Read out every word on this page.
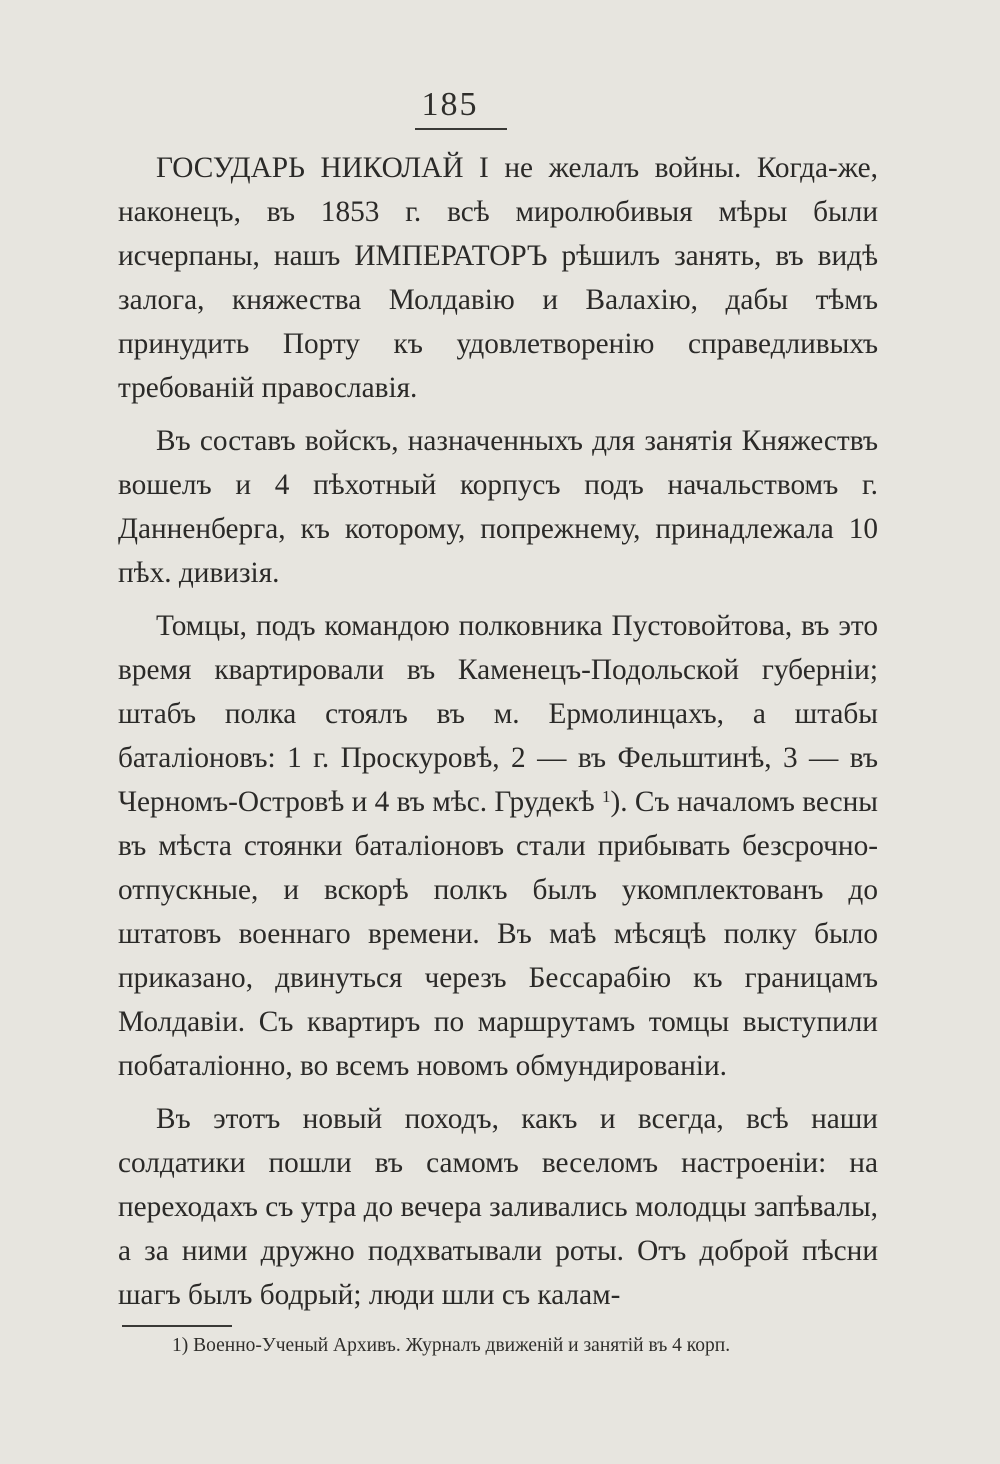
185

ГОСУДАРЬ НИКОЛАЙ I не желалъ войны. Когда-же, наконецъ, въ 1853 г. всѣ миролюбивыя мѣры были исчерпаны, нашъ ИМПЕРАТОРЪ рѣшилъ занять, въ видѣ залога, княжества Молдавію и Валахію, дабы тѣмъ принудить Порту къ удовлетворенію справедливыхъ требованій православія.

Въ составъ войскъ, назначенныхъ для занятія Княжествъ вошелъ и 4 пѣхотный корпусъ подъ начальствомъ г. Данненберга, къ которому, попрежнему, принадлежала 10 пѣх. дивизія.

Томцы, подъ командою полковника Пустовойтова, въ это время квартировали въ Каменецъ-Подольской губерніи; штабъ полка стоялъ въ м. Ермолинцахъ, а штабы баталіоновъ: 1 г. Проскуровѣ, 2 — въ Фельштинѣ, 3 — въ Черномъ-Островѣ и 4 въ мѣс. Грудекѣ $^1$). Съ началомъ весны въ мѣста стоянки баталіоновъ стали прибывать безсрочно-отпускные, и вскорѣ полкъ былъ укомплектованъ до штатовъ военнаго времени. Въ маѣ мѣсяцѣ полку было приказано, двинуться черезъ Бессарабію къ границамъ Молдавіи. Съ квартиръ по маршрутамъ томцы выступили побаталіонно, во всемъ новомъ обмундированіи.

Въ этотъ новый походъ, какъ и всегда, всѣ наши солдатики пошли въ самомъ веселомъ настроеніи: на переходахъ съ утра до вечера заливались молодцы запѣвалы, а за ними дружно подхватывали роты. Отъ доброй пѣсни шагъ былъ бодрый; люди шли съ калам-

1) Военно-Ученый Архивъ. Журналъ движеній и занятій въ 4 корп.
